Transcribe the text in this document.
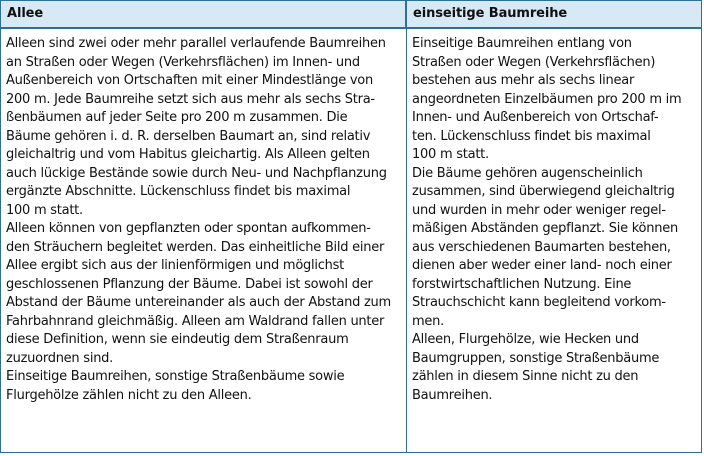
Allee	einseitige Baumreihe
Alleen sind zwei oder mehr parallel verlaufende Baumreihen
an Straßen oder Wegen (Verkehrsflächen) im Innen- und
Außenbereich von Ortschaften mit einer Mindestlänge von
200 m. Jede Baumreihe setzt sich aus mehr als sechs Stra-
ßenbäumen auf jeder Seite pro 200 m zusammen. Die
Bäume gehören i. d. R. derselben Baumart an, sind relativ
gleichaltrig und vom Habitus gleichartig. Als Alleen gelten
auch lückige Bestände sowie durch Neu- und Nachpflanzung
ergänzte Abschnitte. Lückenschluss findet bis maximal
100 m statt.
Alleen können von gepflanzten oder spontan aufkommen-
den Sträuchern begleitet werden. Das einheitliche Bild einer
Allee ergibt sich aus der linienförmigen und möglichst
geschlossenen Pflanzung der Bäume. Dabei ist sowohl der
Abstand der Bäume untereinander als auch der Abstand zum
Fahrbahnrand gleichmäßig. Alleen am Waldrand fallen unter
diese Definition, wenn sie eindeutig dem Straßenraum
zuzuordnen sind.
Einseitige Baumreihen, sonstige Straßenbäume sowie
Flurgehölze zählen nicht zu den Alleen.
Einseitige Baumreihen entlang von
Straßen oder Wegen (Verkehrsflächen)
bestehen aus mehr als sechs linear
angeordneten Einzelbäumen pro 200 m im
Innen- und Außenbereich von Ortschaf-
ten. Lückenschluss findet bis maximal
100 m statt.
Die Bäume gehören augenscheinlich
zusammen, sind überwiegend gleichaltrig
und wurden in mehr oder weniger regel-
mäßigen Abständen gepflanzt. Sie können
aus verschiedenen Baumarten bestehen,
dienen aber weder einer land- noch einer
forstwirtschaftlichen Nutzung. Eine
Strauchschicht kann begleitend vorkom-
men.
Alleen, Flurgehölze, wie Hecken und
Baumgruppen, sonstige Straßenbäume
zählen in diesem Sinne nicht zu den
Baumreihen.
